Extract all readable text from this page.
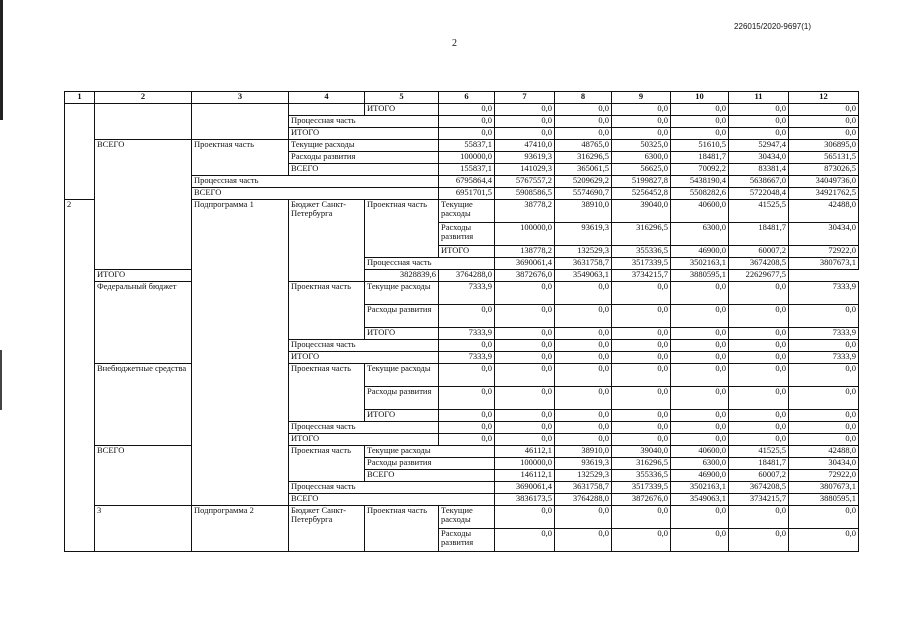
226015/2020-9697(1)
2
1	2	3	4	5	6	7	8	9	10	11	12	
				ИТОГО	0,0	0,0	0,0	0,0	0,0	0,0	0,0	
			Процессная часть		0,0	0,0	0,0	0,0	0,0	0,0	0,0	
			ИТОГО		0,0	0,0	0,0	0,0	0,0	0,0	0,0	
	ВСЕГО	Проектная часть	Текущие расходы		55837,1	47410,0	48765,0	50325,0	51610,5	52947,4	306895,0	
			Расходы развития		100000,0	93619,3	316296,5	6300,0	18481,7	30434,0	565131,5	
			ВСЕГО		155837,1	141029,3	365061,5	56625,0	70092,2	83381,4	873026,5	
		Процессная часть			6795864,4	5767557,2	5209629,2	5199827,8	5438190,4	5638667,0	34049736,0	
		ВСЕГО			6951701,5	5908586,5	5574690,7	5256452,8	5508282,6	5722048,4	34921762,5	
2		Подпрограмма 1	Бюджет Санкт-Петербурга	Проектная часть	Текущие расходы	38778,2	38910,0	39040,0	40600,0	41525,5	42488,0	
					Расходы развития	100000,0	93619,3	316296,5	6300,0	18481,7	30434,0	
					ИТОГО	138778,2	132529,3	355336,5	46900,0	60007,2	72922,0	
				Процессная часть		3690061,4	3631758,7	3517339,5	3502163,1	3674208,5	3807673,1	
	ИТОГО			3828839,6	3764288,0	3872676,0	3549063,1	3734215,7	3880595,1	22629677,5		
	Федеральный бюджет		Проектная часть	Текущие расходы	7333,9	0,0	0,0	0,0	0,0	0,0	7333,9	
				Расходы развития	0,0	0,0	0,0	0,0	0,0	0,0	0,0	
				ИТОГО	7333,9	0,0	0,0	0,0	0,0	0,0	7333,9	
			Процессная часть		0,0	0,0	0,0	0,0	0,0	0,0	0,0	
			ИТОГО		7333,9	0,0	0,0	0,0	0,0	0,0	7333,9	
	Внебюджетные средства		Проектная часть	Текущие расходы	0,0	0,0	0,0	0,0	0,0	0,0	0,0	
				Расходы развития	0,0	0,0	0,0	0,0	0,0	0,0	0,0	
				ИТОГО	0,0	0,0	0,0	0,0	0,0	0,0	0,0	
			Процессная часть		0,0	0,0	0,0	0,0	0,0	0,0	0,0	
			ИТОГО		0,0	0,0	0,0	0,0	0,0	0,0	0,0	
	ВСЕГО		Проектная часть	Текущие расходы		46112,1	38910,0	39040,0	40600,0	41525,5	42488,0	
				Расходы развития		100000,0	93619,3	316296,5	6300,0	18481,7	30434,0	
				ВСЕГО		146112,1	132529,3	355336,5	46900,0	60007,2	72922,0	
			Процессная часть			3690061,4	3631758,7	3517339,5	3502163,1	3674208,5	3807673,1	
			ВСЕГО			3836173,5	3764288,0	3872676,0	3549063,1	3734215,7	3880595,1	
	3	Подпрограмма 2	Бюджет Санкт-Петербурга	Проектная часть	Текущие расходы	0,0	0,0	0,0	0,0	0,0	0,0	
					Расходы развития	0,0	0,0	0,0	0,0	0,0	0,0	
